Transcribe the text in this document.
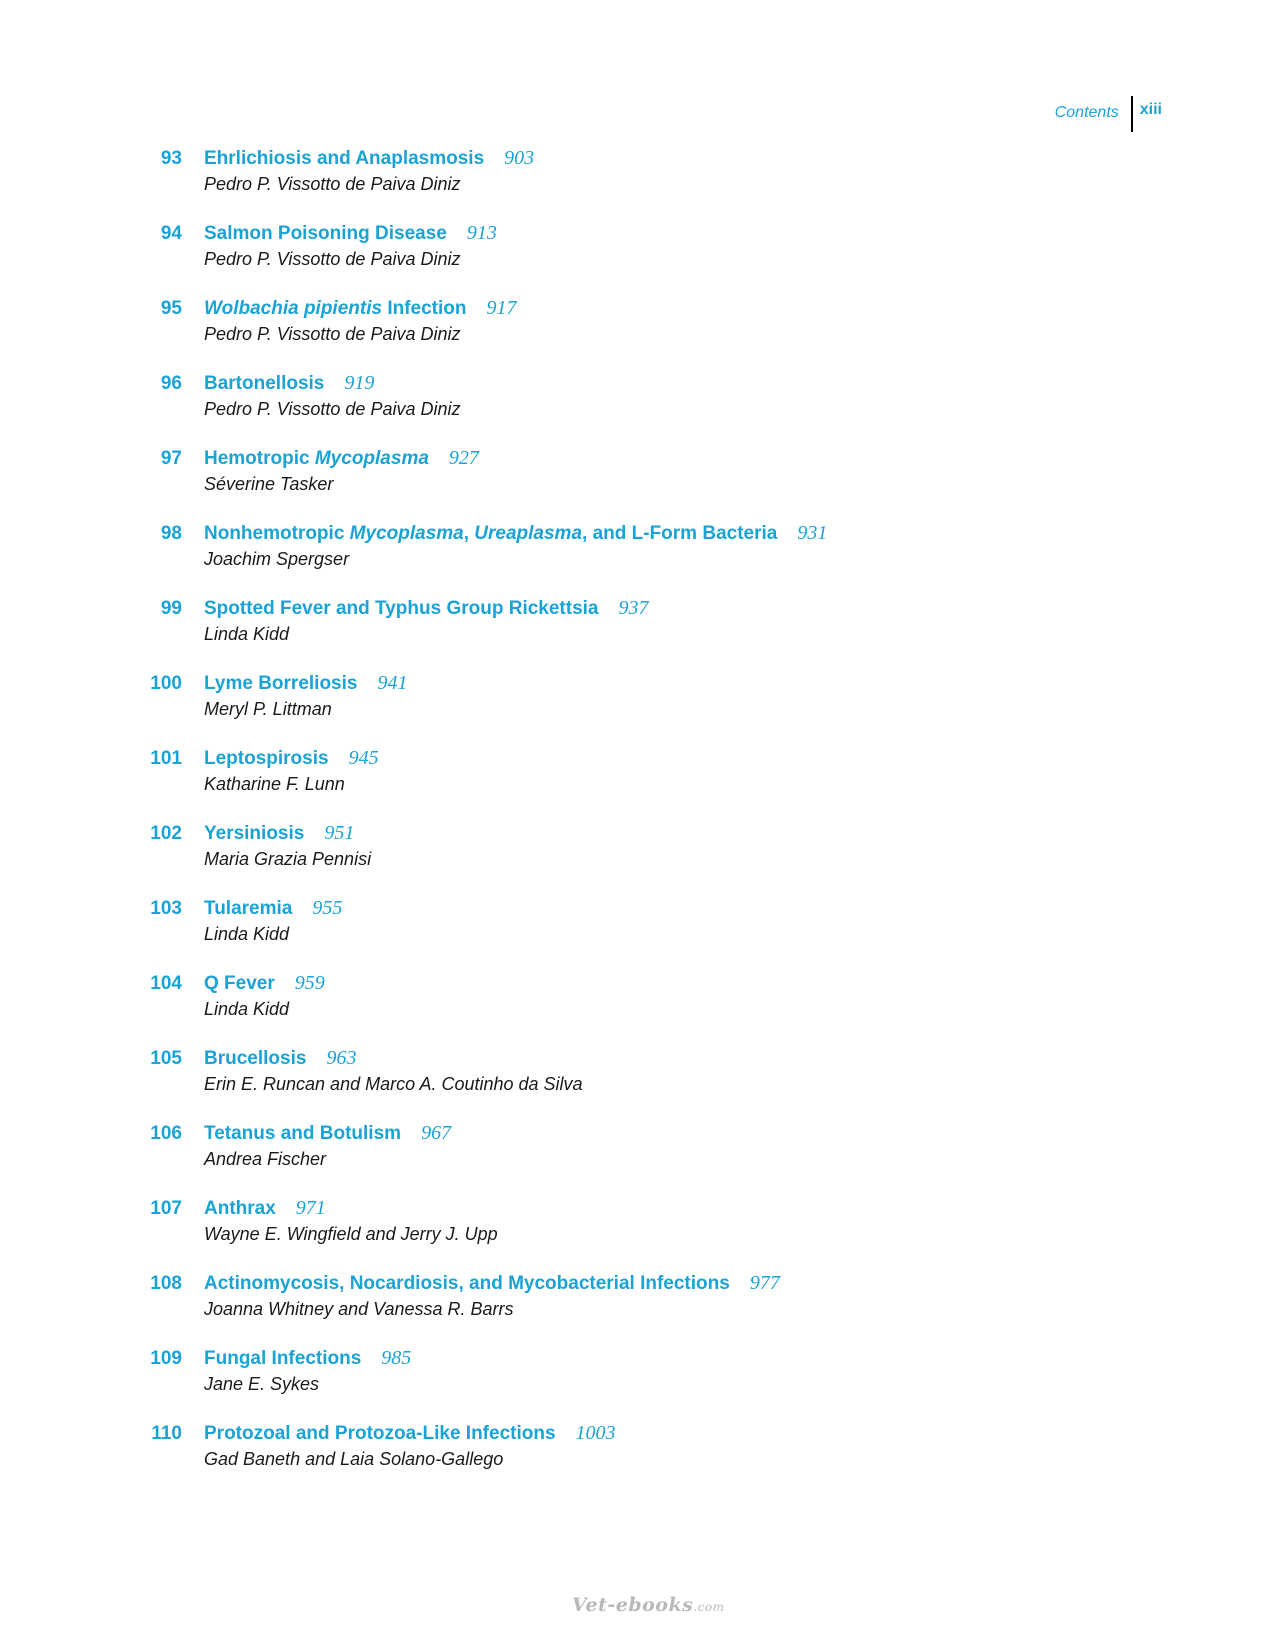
Contents	xiii
93 Ehrlichiosis and Anaplasmosis 903
Pedro P. Vissotto de Paiva Diniz
94 Salmon Poisoning Disease 913
Pedro P. Vissotto de Paiva Diniz
95 Wolbachia pipientis Infection 917
Pedro P. Vissotto de Paiva Diniz
96 Bartonellosis 919
Pedro P. Vissotto de Paiva Diniz
97 Hemotropic Mycoplasma 927
Séverine Tasker
98 Nonhemotropic Mycoplasma, Ureaplasma, and L-Form Bacteria 931
Joachim Spergser
99 Spotted Fever and Typhus Group Rickettsia 937
Linda Kidd
100 Lyme Borreliosis 941
Meryl P. Littman
101 Leptospirosis 945
Katharine F. Lunn
102 Yersiniosis 951
Maria Grazia Pennisi
103 Tularemia 955
Linda Kidd
104 Q Fever 959
Linda Kidd
105 Brucellosis 963
Erin E. Runcan and Marco A. Coutinho da Silva
106 Tetanus and Botulism 967
Andrea Fischer
107 Anthrax 971
Wayne E. Wingfield and Jerry J. Upp
108 Actinomycosis, Nocardiosis, and Mycobacterial Infections 977
Joanna Whitney and Vanessa R. Barrs
109 Fungal Infections 985
Jane E. Sykes
110 Protozoal and Protozoa-Like Infections 1003
Gad Baneth and Laia Solano-Gallego
Vet-ebooks.com
